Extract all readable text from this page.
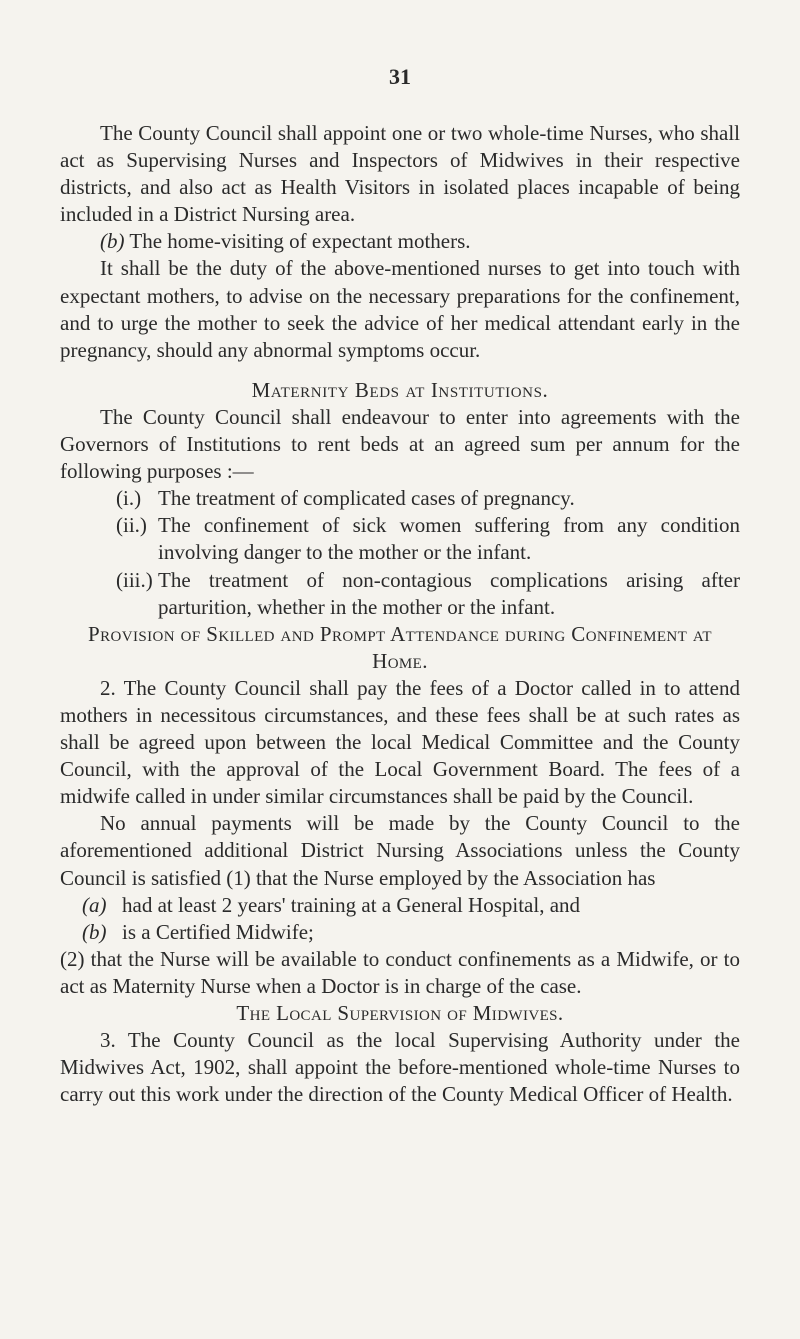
31

The County Council shall appoint one or two whole-time Nurses, who shall act as Supervising Nurses and Inspectors of Midwives in their respective districts, and also act as Health Visitors in isolated places incapable of being included in a District Nursing area.

(b) The home-visiting of expectant mothers.

It shall be the duty of the above-mentioned nurses to get into touch with expectant mothers, to advise on the necessary preparations for the confinement, and to urge the mother to seek the advice of her medical attendant early in the pregnancy, should any abnormal symptoms occur.

Maternity Beds at Institutions.

The County Council shall endeavour to enter into agreements with the Governors of Institutions to rent beds at an agreed sum per annum for the following purposes :—

(i.) The treatment of complicated cases of pregnancy.

(ii.) The confinement of sick women suffering from any condition involving danger to the mother or the infant.

(iii.) The treatment of non-contagious complications arising after parturition, whether in the mother or the infant.

Provision of Skilled and Prompt Attendance during Confinement at Home.

2. The County Council shall pay the fees of a Doctor called in to attend mothers in necessitous circumstances, and these fees shall be at such rates as shall be agreed upon between the local Medical Committee and the County Council, with the approval of the Local Government Board. The fees of a midwife called in under similar circumstances shall be paid by the Council.

No annual payments will be made by the County Council to the aforementioned additional District Nursing Associations unless the County Council is satisfied (1) that the Nurse employed by the Association has

(a) had at least 2 years' training at a General Hospital, and

(b) is a Certified Midwife;

(2) that the Nurse will be available to conduct confinements as a Midwife, or to act as Maternity Nurse when a Doctor is in charge of the case.

The Local Supervision of Midwives.

3. The County Council as the local Supervising Authority under the Midwives Act, 1902, shall appoint the before-mentioned whole-time Nurses to carry out this work under the direction of the County Medical Officer of Health.
